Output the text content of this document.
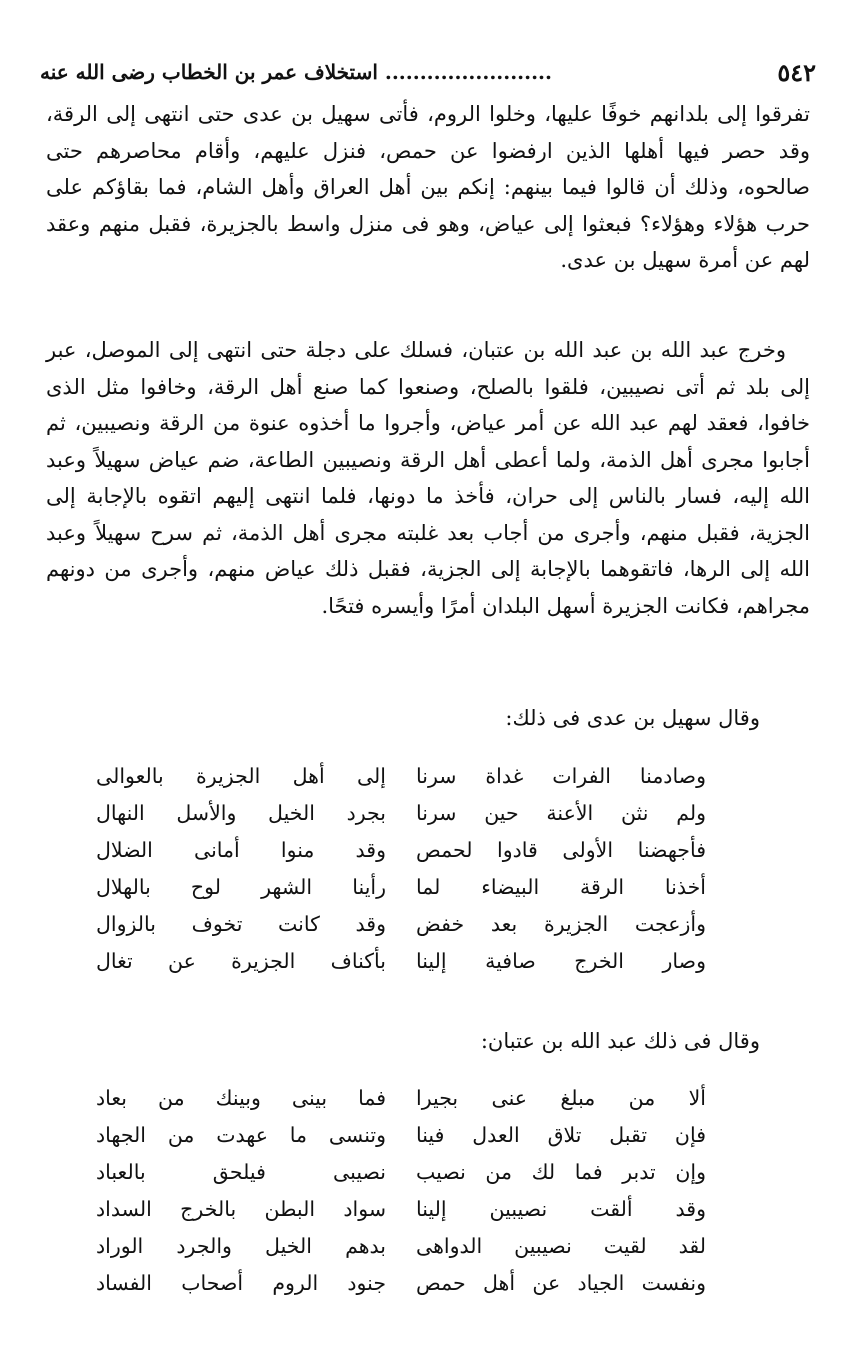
٥٤٢
........................ استخلاف عمر بن الخطاب رضى الله عنه

تفرقوا إلى بلدانهم خوفًا عليها، وخلوا الروم، فأتى سهيل بن عدى حتى انتهى إلى الرقة، وقد حصر فيها أهلها الذين ارفضوا عن حمص، فنزل عليهم، وأقام محاصرهم حتى صالحوه، وذلك أن قالوا فيما بينهم: إنكم بين أهل العراق وأهل الشام، فما بقاؤكم على حرب هؤلاء وهؤلاء؟ فبعثوا إلى عياض، وهو فى منزل واسط بالجزيرة، فقبل منهم وعقد لهم عن أمرة سهيل بن عدى.

وخرج عبد الله بن عبد الله بن عتبان، فسلك على دجلة حتى انتهى إلى الموصل، عبر إلى بلد ثم أتى نصيبين، فلقوا بالصلح، وصنعوا كما صنع أهل الرقة، وخافوا مثل الذى خافوا، فعقد لهم عبد الله عن أمر عياض، وأجروا ما أخذوه عنوة من الرقة ونصيبين، ثم أجابوا مجرى أهل الذمة، ولما أعطى أهل الرقة ونصيبين الطاعة، ضم عياض سهيلاً وعبد الله إليه، فسار بالناس إلى حران، فأخذ ما دونها، فلما انتهى إليهم اتقوه بالإجابة إلى الجزية، فقبل منهم، وأجرى من أجاب بعد غلبته مجرى أهل الذمة، ثم سرح سهيلاً وعبد الله إلى الرها، فاتقوهما بالإجابة إلى الجزية، فقبل ذلك عياض منهم، وأجرى من دونهم مجراهم، فكانت الجزيرة أسهل البلدان أمرًا وأيسره فتحًا.

وقال سهيل بن عدى فى ذلك:
وصادمنا الفرات غداة سرنا
إلى أهل الجزيرة بالعوالى
ولم نثن الأعنة حين سرنا
بجرد الخيل والأسل النهال
فأجهضنا الأولى قادوا لحمص
وقد منوا أمانى الضلال
أخذنا الرقة البيضاء لما
رأينا الشهر لوح بالهلال
وأزعجت الجزيرة بعد خفض
وقد كانت تخوف بالزوال
وصار الخرج صافية إلينا
بأكناف الجزيرة عن تغال
وقال فى ذلك عبد الله بن عتبان:
ألا من مبلغ عنى بجيرا
فما بينى وبينك من بعاد
فإن تقبل تلاق العدل فينا
وتنسى ما عهدت من الجهاد
وإن تدبر فما لك من نصيب
نصيبى فيلحق بالعباد
وقد ألقت نصيبين إلينا
سواد البطن بالخرج السداد
لقد لقيت نصيبين الدواهى
بدهم الخيل والجرد الوراد
ونفست الجياد عن أهل حمص
جنود الروم أصحاب الفساد
